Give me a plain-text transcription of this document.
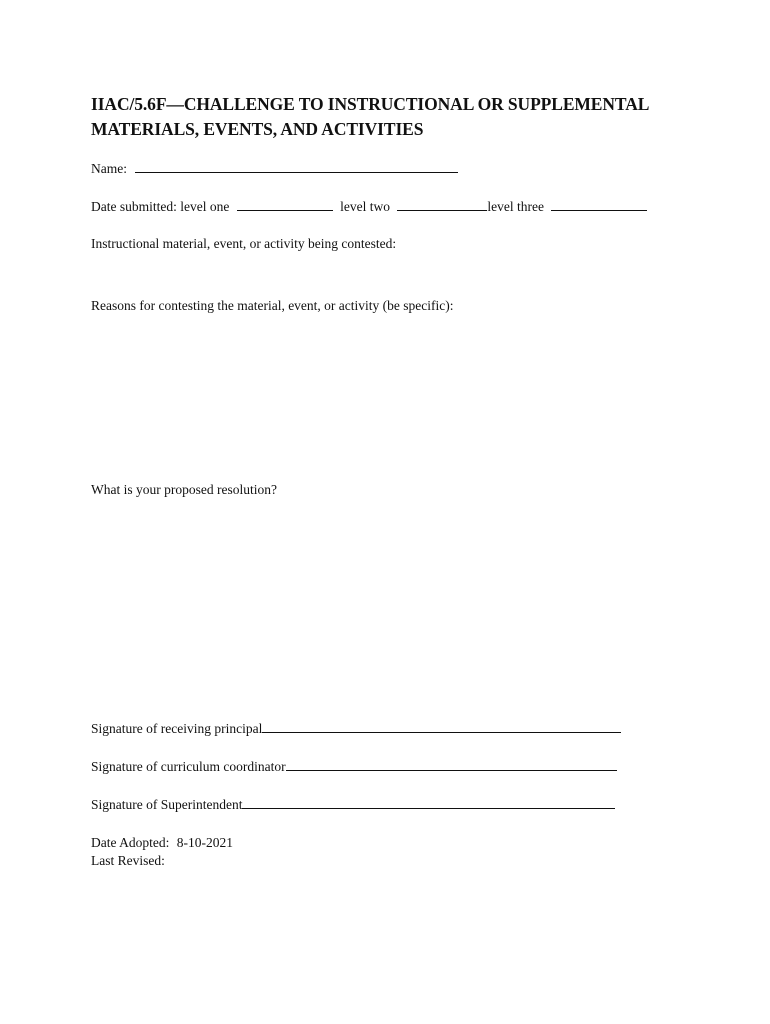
IIAC/5.6F—CHALLENGE TO INSTRUCTIONAL OR SUPPLEMENTAL
MATERIALS, EVENTS, AND ACTIVITIES
Name:
Date submitted: level one	level two	level three
Instructional material, event, or activity being contested:
Reasons for contesting the material, event, or activity (be specific):
What is your proposed resolution?
Signature of receiving principal
Signature of curriculum coordinator
Signature of Superintendent
Date Adopted: 8-10-2021
Last Revised:
